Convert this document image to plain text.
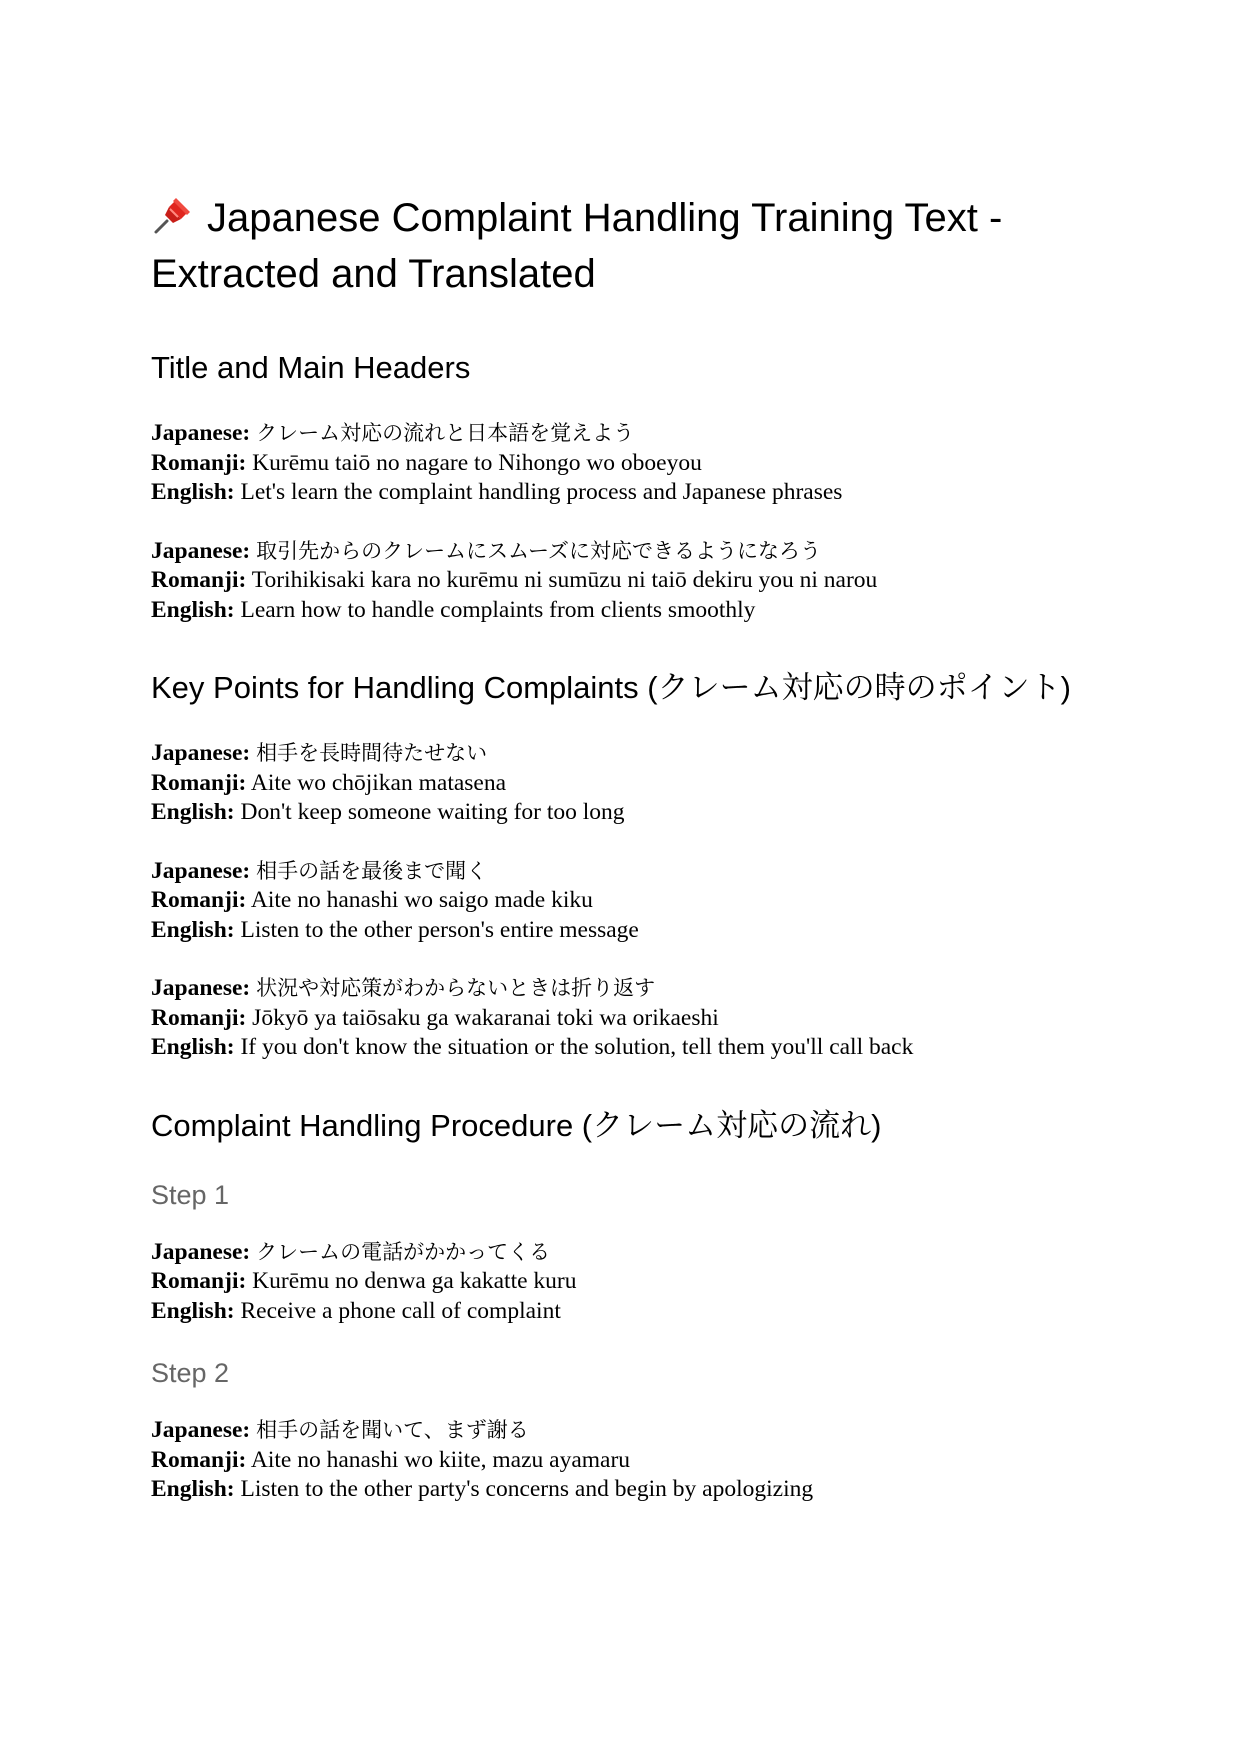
Japanese Complaint Handling Training Text - Extracted and Translated
Title and Main Headers
Japanese: クレーム対応の流れと日本語を覚えよう
Romanji: Kurēmu taiō no nagare to Nihongo wo oboeyou
English: Let's learn the complaint handling process and Japanese phrases
Japanese: 取引先からのクレームにスムーズに対応できるようになろう
Romanji: Torihikisaki kara no kurēmu ni sumūzu ni taiō dekiru you ni narou
English: Learn how to handle complaints from clients smoothly
Key Points for Handling Complaints (クレーム対応の時のポイント)
Japanese: 相手を長時間待たせない
Romanji: Aite wo chōjikan matasena
English: Don't keep someone waiting for too long
Japanese: 相手の話を最後まで聞く
Romanji: Aite no hanashi wo saigo made kiku
English: Listen to the other person's entire message
Japanese: 状況や対応策がわからないときは折り返す
Romanji: Jōkyō ya taiōsaku ga wakaranai toki wa orikaeshi
English: If you don't know the situation or the solution, tell them you'll call back
Complaint Handling Procedure (クレーム対応の流れ)
Step 1
Japanese: クレームの電話がかかってくる
Romanji: Kurēmu no denwa ga kakatte kuru
English: Receive a phone call of complaint
Step 2
Japanese: 相手の話を聞いて、まず謝る
Romanji: Aite no hanashi wo kiite, mazu ayamaru
English: Listen to the other party's concerns and begin by apologizing
